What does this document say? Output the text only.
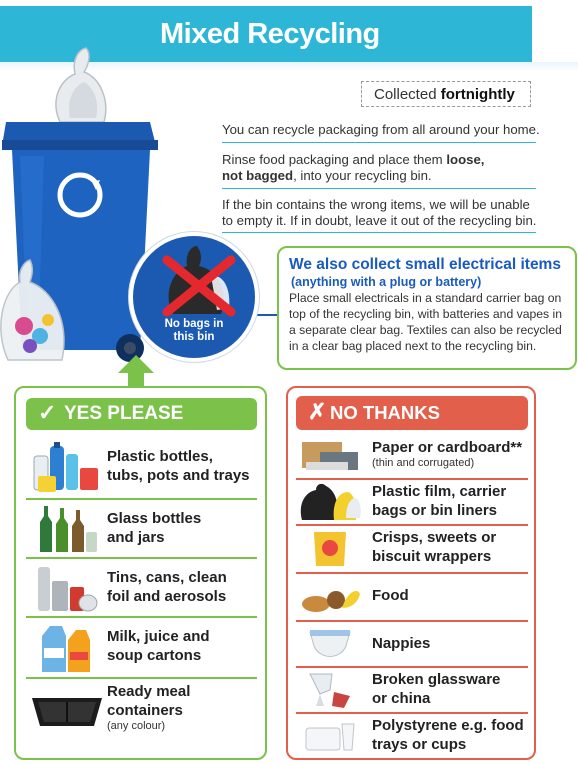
Mixed Recycling
Collected fortnightly
You can recycle packaging from all around your home.
Rinse food packaging and place them loose,
not bagged, into your recycling bin.
If the bin contains the wrong items, we will be unable
to empty it. If in doubt, leave it out of the recycling bin.
No bags in
this bin
We also collect small electrical items
(anything with a plug or battery)
Place small electricals in a standard carrier bag on
top of the recycling bin, with batteries and vapes in
a separate clear bag. Textiles can also be recycled
in a clear bag placed next to the recycling bin.
✓ YES PLEASE
Plastic bottles,
tubs, pots and trays
Glass bottles
and jars
Tins, cans, clean
foil and aerosols
Milk, juice and
soup cartons
Ready meal
containers
(any colour)
✗ NO THANKS
Paper or cardboard**
(thin and corrugated)
Plastic film, carrier
bags or bin liners
Crisps, sweets or
biscuit wrappers
Food
Nappies
Broken glassware
or china
Polystyrene e.g. food
trays or cups
